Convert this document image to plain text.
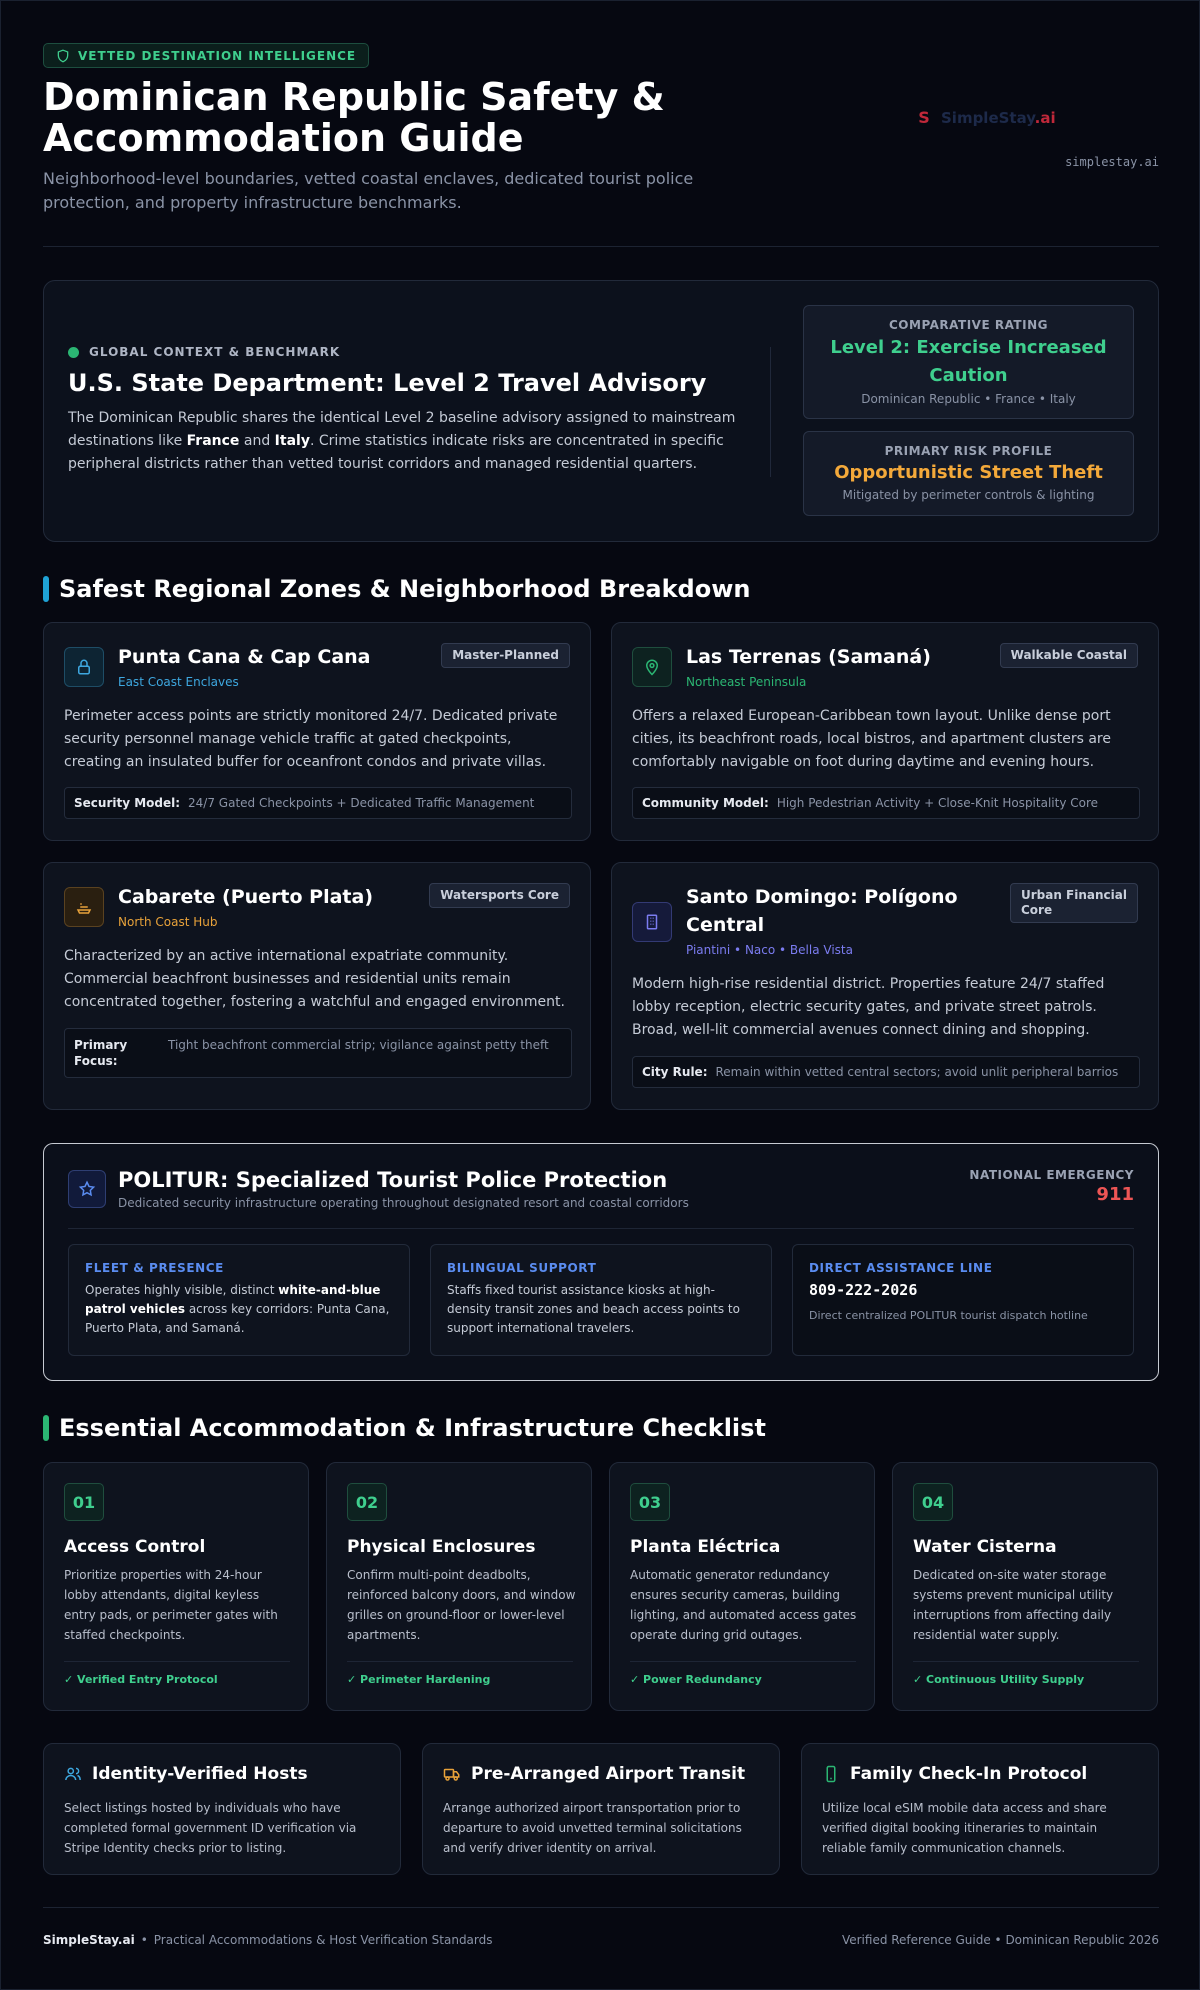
VETTED DESTINATION INTELLIGENCE
Dominican Republic Safety &
Accommodation Guide
Neighborhood-level boundaries, vetted coastal enclaves, dedicated tourist police protection, and property infrastructure benchmarks.
S SimpleStay.ai
simplestay.ai
GLOBAL CONTEXT & BENCHMARK
U.S. State Department: Level 2 Travel Advisory
The Dominican Republic shares the identical Level 2 baseline advisory assigned to mainstream destinations like France and Italy. Crime statistics indicate risks are concentrated in specific peripheral districts rather than vetted tourist corridors and managed residential quarters.
COMPARATIVE RATING
Level 2: Exercise Increased Caution
Dominican Republic • France • Italy
PRIMARY RISK PROFILE
Opportunistic Street Theft
Mitigated by perimeter controls & lighting
Safest Regional Zones & Neighborhood Breakdown
Punta Cana & Cap Cana
East Coast Enclaves
Master-Planned
Perimeter access points are strictly monitored 24/7. Dedicated private security personnel manage vehicle traffic at gated checkpoints, creating an insulated buffer for oceanfront condos and private villas.
Security Model: 24/7 Gated Checkpoints + Dedicated Traffic Management
Las Terrenas (Samaná)
Northeast Peninsula
Walkable Coastal
Offers a relaxed European-Caribbean town layout. Unlike dense port cities, its beachfront roads, local bistros, and apartment clusters are comfortably navigable on foot during daytime and evening hours.
Community Model: High Pedestrian Activity + Close-Knit Hospitality Core
Cabarete (Puerto Plata)
North Coast Hub
Watersports Core
Characterized by an active international expatriate community. Commercial beachfront businesses and residential units remain concentrated together, fostering a watchful and engaged environment.
Primary Focus:
Tight beachfront commercial strip; vigilance against petty theft
Santo Domingo: Polígono
Central
Piantini • Naco • Bella Vista
Urban Financial
Core
Modern high-rise residential district. Properties feature 24/7 staffed lobby reception, electric security gates, and private street patrols. Broad, well-lit commercial avenues connect dining and shopping.
City Rule: Remain within vetted central sectors; avoid unlit peripheral barrios
POLITUR: Specialized Tourist Police Protection
Dedicated security infrastructure operating throughout designated resort and coastal corridors
NATIONAL EMERGENCY
911
FLEET & PRESENCE
Operates highly visible, distinct white-and-blue patrol vehicles across key corridors: Punta Cana, Puerto Plata, and Samaná.
BILINGUAL SUPPORT
Staffs fixed tourist assistance kiosks at high-density transit zones and beach access points to support international travelers.
DIRECT ASSISTANCE LINE
809-222-2026
Direct centralized POLITUR tourist dispatch hotline
Essential Accommodation & Infrastructure Checklist
01
Access Control
Prioritize properties with 24-hour lobby attendants, digital keyless entry pads, or perimeter gates with staffed checkpoints.
✓ Verified Entry Protocol
02
Physical Enclosures
Confirm multi-point deadbolts, reinforced balcony doors, and window grilles on ground-floor or lower-level apartments.
✓ Perimeter Hardening
03
Planta Eléctrica
Automatic generator redundancy ensures security cameras, building lighting, and automated access gates operate during grid outages.
✓ Power Redundancy
04
Water Cisterna
Dedicated on-site water storage systems prevent municipal utility interruptions from affecting daily residential water supply.
✓ Continuous Utility Supply
Identity-Verified Hosts
Select listings hosted by individuals who have completed formal government ID verification via Stripe Identity checks prior to listing.
Pre-Arranged Airport Transit
Arrange authorized airport transportation prior to departure to avoid unvetted terminal solicitations and verify driver identity on arrival.
Family Check-In Protocol
Utilize local eSIM mobile data access and share verified digital booking itineraries to maintain reliable family communication channels.
SimpleStay.ai • Practical Accommodations & Host Verification Standards	Verified Reference Guide • Dominican Republic 2026
